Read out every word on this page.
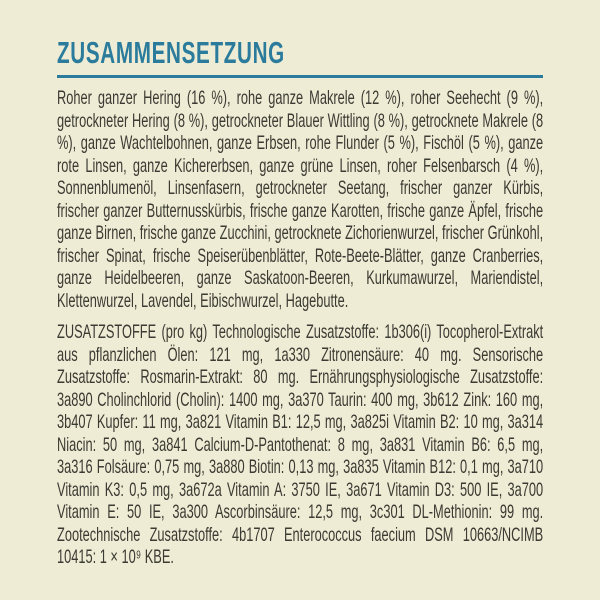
ZUSAMMENSETZUNG

Roher ganzer Hering (16 %), rohe ganze Makrele (12 %), roher Seehecht (9 %), getrockneter Hering (8 %), getrockneter Blauer Wittling (8 %), getrocknete Makrele (8 %), ganze Wachtelbohnen, ganze Erbsen, rohe Flunder (5 %), Fischöl (5 %), ganze rote Linsen, ganze Kichererbsen, ganze grüne Linsen, roher Felsenbarsch (4 %), Sonnenblumenöl, Linsenfasern, getrockneter Seetang, frischer ganzer Kürbis, frischer ganzer Butternusskürbis, frische ganze Karotten, frische ganze Äpfel, frische ganze Birnen, frische ganze Zucchini, getrocknete Zichorienwurzel, frischer Grünkohl, frischer Spinat, frische Speiserübenblätter, Rote-Beete-Blätter, ganze Cranberries, ganze Heidelbeeren, ganze Saskatoon-Beeren, Kurkumawurzel, Mariendistel, Klettenwurzel, Lavendel, Eibischwurzel, Hagebutte.

ZUSATZSTOFFE (pro kg) Technologische Zusatzstoffe: 1b306(i) Tocopherol-Extrakt aus pflanzlichen Ölen: 121 mg, 1a330 Zitronensäure: 40 mg. Sensorische Zusatzstoffe: Rosmarin-Extrakt: 80 mg. Ernährungsphysiologische Zusatzstoffe: 3a890 Cholinchlorid (Cholin): 1400 mg, 3a370 Taurin: 400 mg, 3b612 Zink: 160 mg, 3b407 Kupfer: 11 mg, 3a821 Vitamin B1: 12,5 mg, 3a825i Vitamin B2: 10 mg, 3a314 Niacin: 50 mg, 3a841 Calcium-D-Pantothenat: 8 mg, 3a831 Vitamin B6: 6,5 mg, 3a316 Folsäure: 0,75 mg, 3a880 Biotin: 0,13 mg, 3a835 Vitamin B12: 0,1 mg, 3a710 Vitamin K3: 0,5 mg, 3a672a Vitamin A: 3750 IE, 3a671 Vitamin D3: 500 IE, 3a700 Vitamin E: 50 IE, 3a300 Ascorbinsäure: 12,5 mg, 3c301 DL-Methionin: 99 mg. Zootechnische Zusatzstoffe: 4b1707 Enterococcus faecium DSM 10663/NCIMB 10415: 1 × 10⁹ KBE.
